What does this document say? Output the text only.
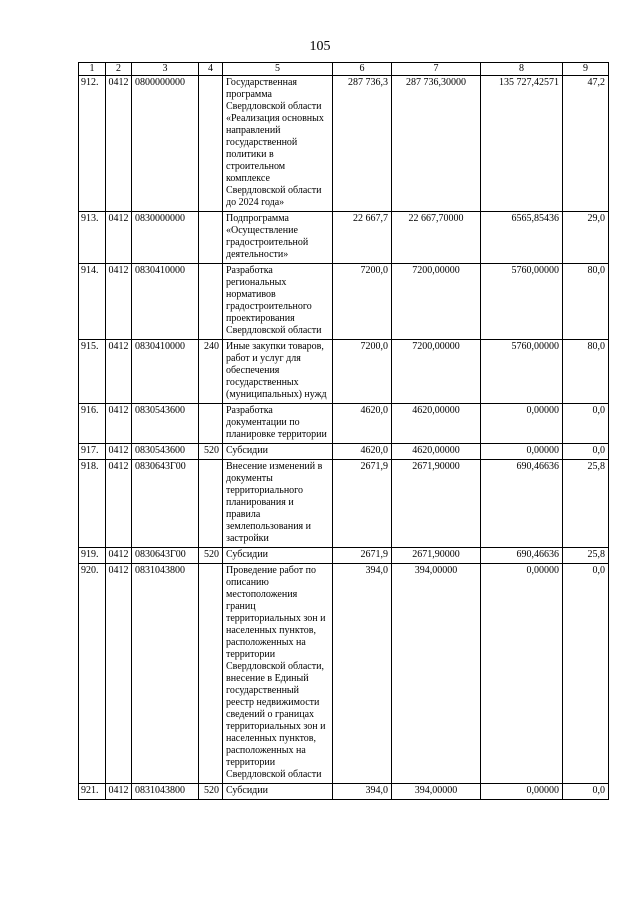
105
1	2	3	4	5	6	7	8	9
912.	0412	0800000000		Государственная программа Свердловской области «Реализация основных направлений государственной политики в строительном комплексе Свердловской области до 2024 года»	287 736,3	287 736,30000	135 727,42571	47,2
913.	0412	0830000000		Подпрограмма «Осуществление градостроительной деятельности»	22 667,7	22 667,70000	6565,85436	29,0
914.	0412	0830410000		Разработка региональных нормативов градостроительного проектирования Свердловской области	7200,0	7200,00000	5760,00000	80,0
915.	0412	0830410000	240	Иные закупки товаров, работ и услуг для обеспечения государственных (муниципальных) нужд	7200,0	7200,00000	5760,00000	80,0
916.	0412	0830543600		Разработка документации по планировке территории	4620,0	4620,00000	0,00000	0,0
917.	0412	0830543600	520	Субсидии	4620,0	4620,00000	0,00000	0,0
918.	0412	0830643Г00		Внесение изменений в документы территориального планирования и правила землепользования и застройки	2671,9	2671,90000	690,46636	25,8
919.	0412	0830643Г00	520	Субсидии	2671,9	2671,90000	690,46636	25,8
920.	0412	0831043800		Проведение работ по описанию местоположения границ территориальных зон и населенных пунктов, расположенных на территории Свердловской области, внесение в Единый государственный реестр недвижимости сведений о границах территориальных зон и населенных пунктов, расположенных на территории Свердловской области	394,0	394,00000	0,00000	0,0
921.	0412	0831043800	520	Субсидии	394,0	394,00000	0,00000	0,0
